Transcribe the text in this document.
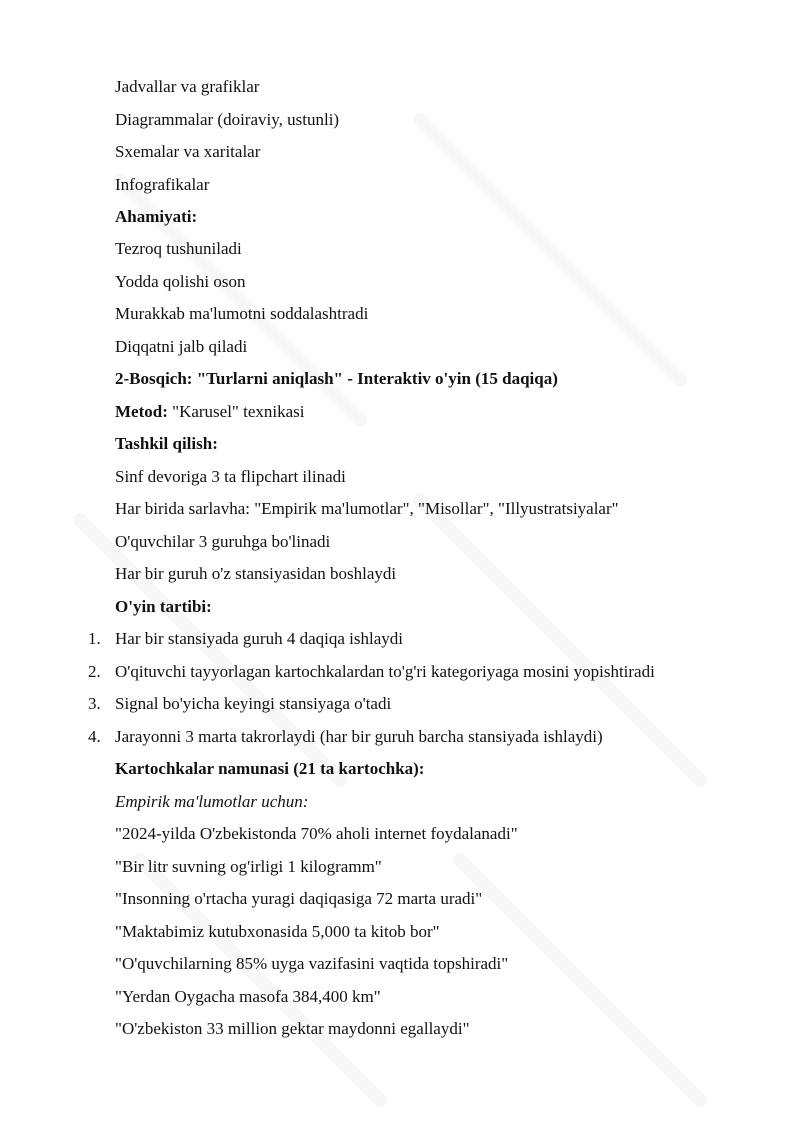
Jadvallar va grafiklar
Diagrammalar (doiraviy, ustunli)
Sxemalar va xaritalar
Infografikalar
Ahamiyati:
Tezroq tushuniladi
Yodda qolishi oson
Murakkab ma'lumotni soddalashtradi
Diqqatni jalb qiladi
2-Bosqich: "Turlarni aniqlash" - Interaktiv o'yin (15 daqiqa)
Metod: "Karusel" texnikasi
Tashkil qilish:
Sinf devoriga 3 ta flipchart ilinadi
Har birida sarlavha: "Empirik ma'lumotlar", "Misollar", "Illyustratsiyalar"
O'quvchilar 3 guruhga bo'linadi
Har bir guruh o'z stansiyasidan boshlaydi
O'yin tartibi:
1. Har bir stansiyada guruh 4 daqiqa ishlaydi
2. O'qituvchi tayyorlagan kartochkalardan to'g'ri kategoriyaga mosini yopishtiradi
3. Signal bo'yicha keyingi stansiyaga o'tadi
4. Jarayonni 3 marta takrorlaydi (har bir guruh barcha stansiyada ishlaydi)
Kartochkalar namunasi (21 ta kartochka):
Empirik ma'lumotlar uchun:
"2024-yilda O'zbekistonda 70% aholi internet foydalanadi"
"Bir litr suvning og'irligi 1 kilogramm"
"Insonning o'rtacha yuragi daqiqasiga 72 marta uradi"
"Maktabimiz kutubxonasida 5,000 ta kitob bor"
"O'quvchilarning 85% uyga vazifasini vaqtida topshiradi"
"Yerdan Oygacha masofa 384,400 km"
"O'zbekiston 33 million gektar maydonni egallaydi"
